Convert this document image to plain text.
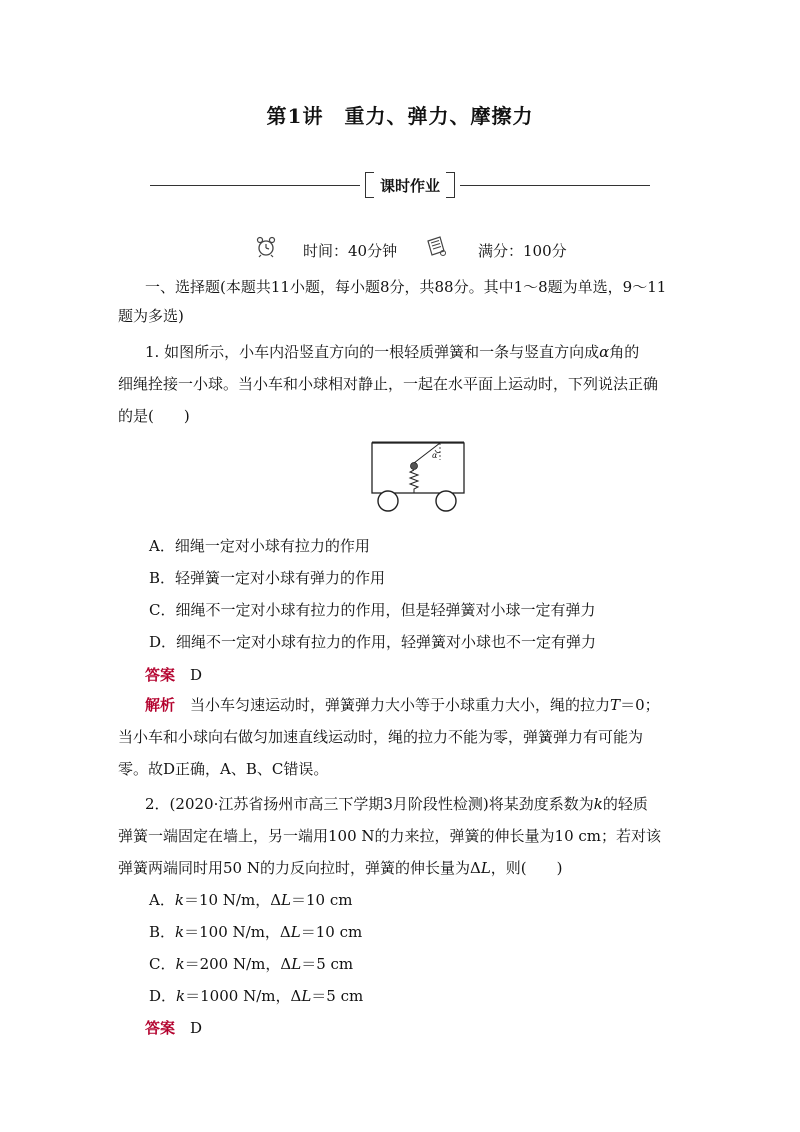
第1讲　重力、弹力、摩擦力
课时作业
时间：40分钟	满分：100分
一、选择题(本题共11小题，每小题8分，共88分。其中1～8题为单选，9～11
题为多选)
1. 如图所示，小车内沿竖直方向的一根轻质弹簧和一条与竖直方向成α角的
细绳拴接一小球。当小车和小球相对静止，一起在水平面上运动时，下列说法正确
的是(　　)
α
A．细绳一定对小球有拉力的作用
B．轻弹簧一定对小球有弹力的作用
C．细绳不一定对小球有拉力的作用，但是轻弹簧对小球一定有弹力
D．细绳不一定对小球有拉力的作用，轻弹簧对小球也不一定有弹力
答案　 D
解析　 当小车匀速运动时，弹簧弹力大小等于小球重力大小，绳的拉力T＝0；
当小车和小球向右做匀加速直线运动时，绳的拉力不能为零，弹簧弹力有可能为
零。故D正确，A、B、C错误。
2．(2020·江苏省扬州市高三下学期3月阶段性检测)将某劲度系数为k的轻质
弹簧一端固定在墙上，另一端用100 N的力来拉，弹簧的伸长量为10 cm；若对该
弹簧两端同时用50 N的力反向拉时，弹簧的伸长量为ΔL，则(　　)
A．k＝10 N/m，ΔL＝10 cm
B．k＝100 N/m，ΔL＝10 cm
C．k＝200 N/m，ΔL＝5 cm
D．k＝1000 N/m，ΔL＝5 cm
答案　 D
